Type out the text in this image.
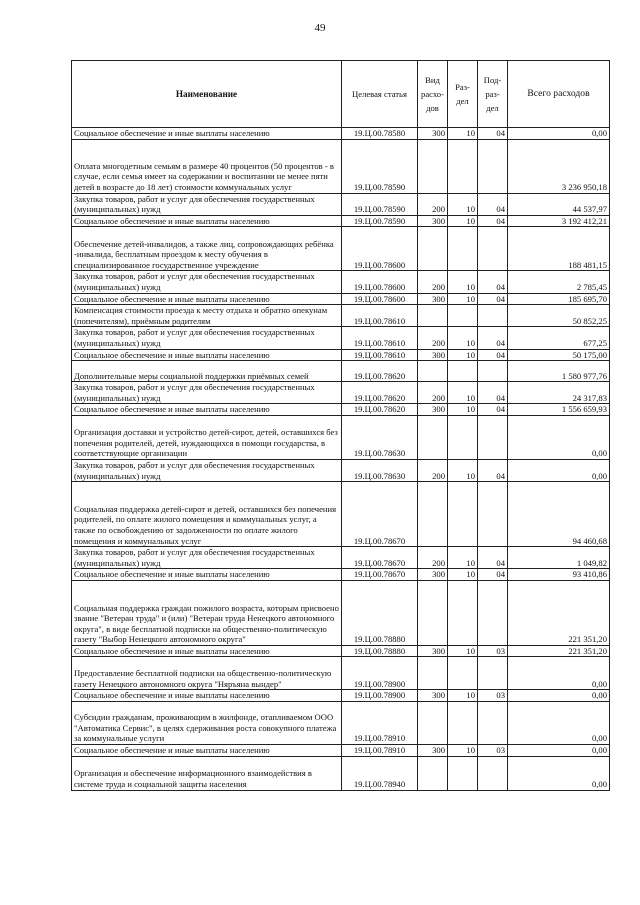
49
Наименование	Целевая статья	Вид расхо-дов	Раз-дел	Под-раз-дел	Всего расходов
Социальное обеспечение и иные выплаты населению	19.Ц.00.78580	300	10	04	0,00
Оплата многодетным семьям в размере 40 процентов (50 процентов - в случае, если семья имеет на содержании и воспитании не менее пяти детей в возрасте до 18 лет) стоимости коммунальных услуг	19.Ц.00.78590				3 236 950,18
Закупка товаров, работ и услуг для обеспечения государственных (муниципальных) нужд	19.Ц.00.78590	200	10	04	44 537,97
Социальное обеспечение и иные выплаты населению	19.Ц.00.78590	300	10	04	3 192 412,21
Обеспечение детей-инвалидов, а также лиц, сопровождающих ребёнка -инвалида, бесплатным проездом к месту обучения в специализированное государственное учреждение	19.Ц.00.78600				188 481,15
Закупка товаров, работ и услуг для обеспечения государственных (муниципальных) нужд	19.Ц.00.78600	200	10	04	2 785,45
Социальное обеспечение и иные выплаты населению	19.Ц.00.78600	300	10	04	185 695,70
Компенсация стоимости проезда к месту отдыха и обратно опекунам (попечителям), приёмным родителям	19.Ц.00.78610				50 852,25
Закупка товаров, работ и услуг для обеспечения государственных (муниципальных) нужд	19.Ц.00.78610	200	10	04	677,25
Социальное обеспечение и иные выплаты населению	19.Ц.00.78610	300	10	04	50 175,00
Дополнительные меры социальной поддержки приёмных семей	19.Ц.00.78620				1 580 977,76
Закупка товаров, работ и услуг для обеспечения государственных (муниципальных) нужд	19.Ц.00.78620	200	10	04	24 317,83
Социальное обеспечение и иные выплаты населению	19.Ц.00.78620	300	10	04	1 556 659,93
Организация доставки и устройство детей-сирот, детей, оставшихся без попечения родителей, детей, нуждающихся в помощи государства, в соответствующие организации	19.Ц.00.78630				0,00
Закупка товаров, работ и услуг для обеспечения государственных (муниципальных) нужд	19.Ц.00.78630	200	10	04	0,00
Социальная поддержка детей-сирот и детей, оставшихся без попечения родителей, по оплате жилого помещения и коммунальных услуг, а также по освобождению от задолженности по оплате жилого помещения и коммунальных услуг	19.Ц.00.78670				94 460,68
Закупка товаров, работ и услуг для обеспечения государственных (муниципальных) нужд	19.Ц.00.78670	200	10	04	1 049,82
Социальное обеспечение и иные выплаты населению	19.Ц.00.78670	300	10	04	93 410,86
Социальная поддержка граждан пожилого возраста, которым присвоено звание "Ветеран труда" и (или) "Ветеран труда Ненецкого автономного округа", в виде бесплатной подписки на общественно-политическую газету "Выбор Ненецкого автономного округа"	19.Ц.00.78880				221 351,20
Социальное обеспечение и иные выплаты населению	19.Ц.00.78880	300	10	03	221 351,20
Предоставление бесплатной подписки на общественно-политическую газету Ненецкого автономного округа "Няръяна вындер"	19.Ц.00.78900				0,00
Социальное обеспечение и иные выплаты населению	19.Ц.00.78900	300	10	03	0,00
Субсидии гражданам, проживающим в жилфонде, отапливаемом ООО "Автоматика Сервис", в целях сдерживания роста совокупного платежа за коммунальные услуги	19.Ц.00.78910				0,00
Социальное обеспечение и иные выплаты населению	19.Ц.00.78910	300	10	03	0,00
Организация и обеспечение информационного взаимодействия в системе труда и социальной защиты населения	19.Ц.00.78940				0,00
